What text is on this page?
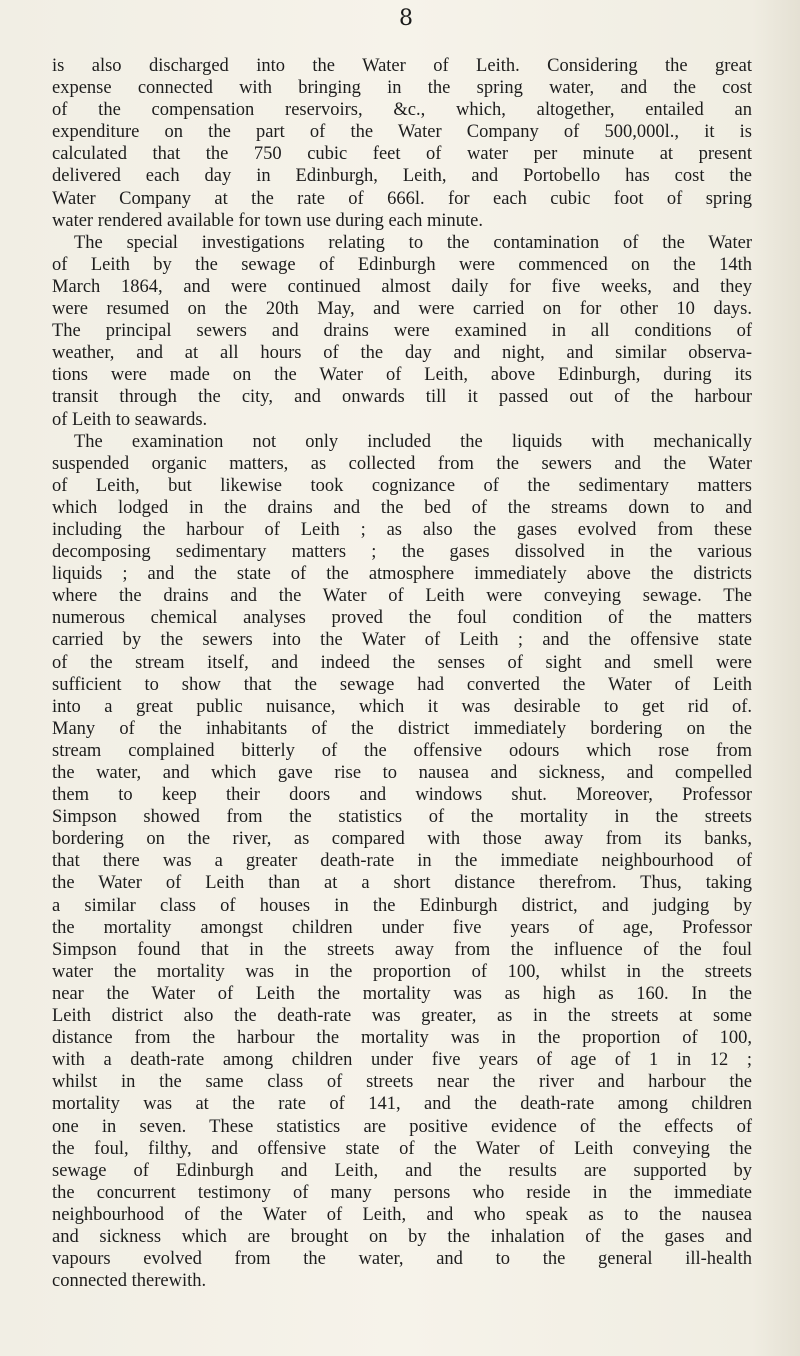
8
is also discharged into the Water of Leith. Considering the great
expense connected with bringing in the spring water, and the cost
of the compensation reservoirs, &c., which, altogether, entailed an
expenditure on the part of the Water Company of 500,000l., it is
calculated that the 750 cubic feet of water per minute at present
delivered each day in Edinburgh, Leith, and Portobello has cost the
Water Company at the rate of 666l. for each cubic foot of spring
water rendered available for town use during each minute.
The special investigations relating to the contamination of the Water
of Leith by the sewage of Edinburgh were commenced on the 14th
March 1864, and were continued almost daily for five weeks, and they
were resumed on the 20th May, and were carried on for other 10 days.
The principal sewers and drains were examined in all conditions of
weather, and at all hours of the day and night, and similar observa-
tions were made on the Water of Leith, above Edinburgh, during its
transit through the city, and onwards till it passed out of the harbour
of Leith to seawards.
The examination not only included the liquids with mechanically
suspended organic matters, as collected from the sewers and the Water
of Leith, but likewise took cognizance of the sedimentary matters
which lodged in the drains and the bed of the streams down to and
including the harbour of Leith ; as also the gases evolved from these
decomposing sedimentary matters ; the gases dissolved in the various
liquids ; and the state of the atmosphere immediately above the districts
where the drains and the Water of Leith were conveying sewage. The
numerous chemical analyses proved the foul condition of the matters
carried by the sewers into the Water of Leith ; and the offensive state
of the stream itself, and indeed the senses of sight and smell were
sufficient to show that the sewage had converted the Water of Leith
into a great public nuisance, which it was desirable to get rid of.
Many of the inhabitants of the district immediately bordering on the
stream complained bitterly of the offensive odours which rose from
the water, and which gave rise to nausea and sickness, and compelled
them to keep their doors and windows shut. Moreover, Professor
Simpson showed from the statistics of the mortality in the streets
bordering on the river, as compared with those away from its banks,
that there was a greater death-rate in the immediate neighbourhood of
the Water of Leith than at a short distance therefrom. Thus, taking
a similar class of houses in the Edinburgh district, and judging by
the mortality amongst children under five years of age, Professor
Simpson found that in the streets away from the influence of the foul
water the mortality was in the proportion of 100, whilst in the streets
near the Water of Leith the mortality was as high as 160. In the
Leith district also the death-rate was greater, as in the streets at some
distance from the harbour the mortality was in the proportion of 100,
with a death-rate among children under five years of age of 1 in 12 ;
whilst in the same class of streets near the river and harbour the
mortality was at the rate of 141, and the death-rate among children
one in seven. These statistics are positive evidence of the effects of
the foul, filthy, and offensive state of the Water of Leith conveying the
sewage of Edinburgh and Leith, and the results are supported by
the concurrent testimony of many persons who reside in the immediate
neighbourhood of the Water of Leith, and who speak as to the nausea
and sickness which are brought on by the inhalation of the gases and
vapours evolved from the water, and to the general ill-health
connected therewith.
